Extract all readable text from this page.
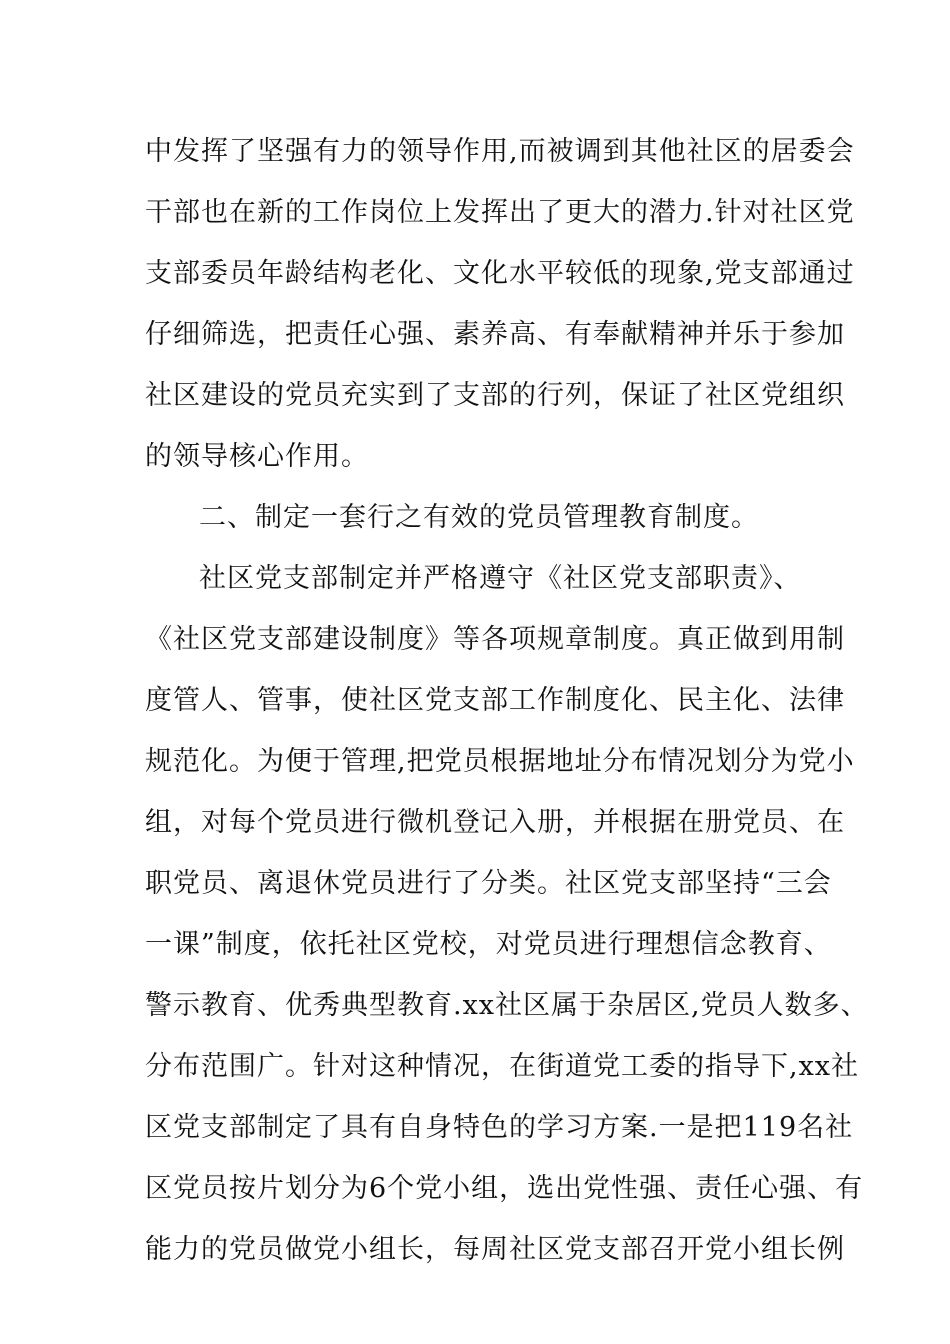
中发挥了坚强有力的领导作用,而被调到其他社区的居委会

干部也在新的工作岗位上发挥出了更大的潜力.针对社区党

支部委员年龄结构老化、文化水平较低的现象,党支部通过

仔细筛选，把责任心强、素养高、有奉献精神并乐于参加

社区建设的党员充实到了支部的行列，保证了社区党组织

的领导核心作用。

二、制定一套行之有效的党员管理教育制度。

社区党支部制定并严格遵守《社区党支部职责》、

《社区党支部建设制度》等各项规章制度。真正做到用制

度管人、管事，使社区党支部工作制度化、民主化、法律

规范化。为便于管理,把党员根据地址分布情况划分为党小

组，对每个党员进行微机登记入册，并根据在册党员、在

职党员、离退休党员进行了分类。社区党支部坚持“三会

一课”制度，依托社区党校，对党员进行理想信念教育、

警示教育、优秀典型教育.xx社区属于杂居区,党员人数多、

分布范围广。针对这种情况，在街道党工委的指导下,xx社

区党支部制定了具有自身特色的学习方案.一是把119名社

区党员按片划分为6个党小组，选出党性强、责任心强、有

能力的党员做党小组长，每周社区党支部召开党小组长例
